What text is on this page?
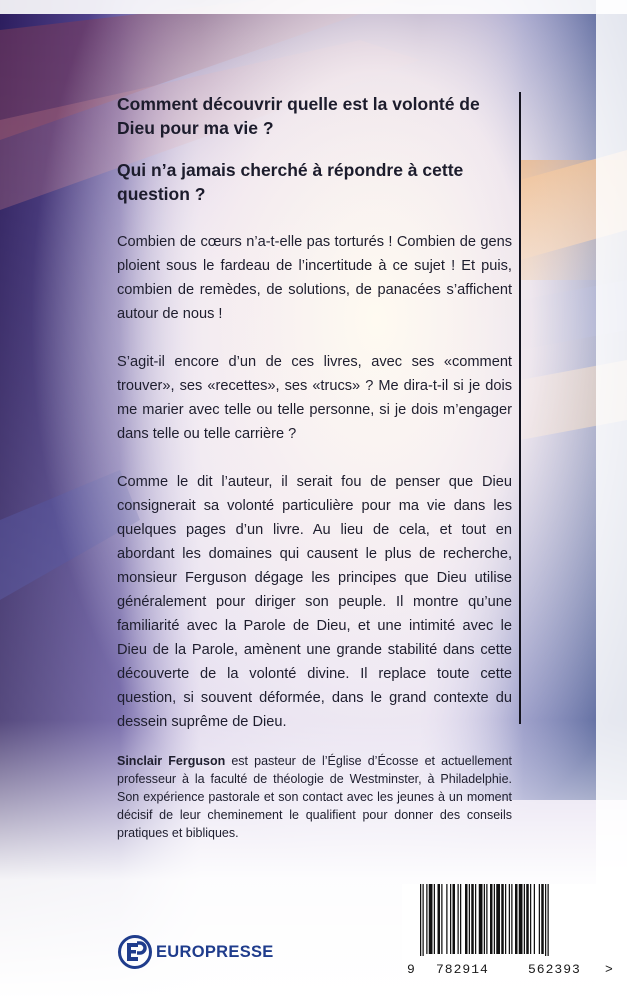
Comment découvrir quelle est la volonté de Dieu pour ma vie ?

Qui n’a jamais cherché à répondre à cette question ?

Combien de cœurs n’a-t-elle pas torturés ! Combien de gens ploient sous le fardeau de l’incertitude à ce sujet ! Et puis, combien de remèdes, de solutions, de panacées s’affichent autour de nous !

S’agit-il encore d’un de ces livres, avec ses «comment trouver», ses «recettes», ses «trucs» ? Me dira-t-il si je dois me marier avec telle ou telle personne, si je dois m’engager dans telle ou telle carrière ?

Comme le dit l’auteur, il serait fou de penser que Dieu consignerait sa volonté particulière pour ma vie dans les quelques pages d’un livre. Au lieu de cela, et tout en abordant les domaines qui causent le plus de recherche, monsieur Ferguson dégage les principes que Dieu utilise généralement pour diriger son peuple. Il montre qu’une familiarité avec la Parole de Dieu, et une intimité avec le Dieu de la Parole, amènent une grande stabilité dans cette découverte de la volonté divine. Il replace toute cette question, si souvent déformée, dans le grand contexte du dessein suprême de Dieu.

Sinclair Ferguson est pasteur de l’Église d’Écosse et actuellement professeur à la faculté de théologie de Westminster, à Philadelphie. Son expérience pastorale et son contact avec les jeunes à un moment décisif de leur cheminement le qualifient pour donner des conseils pratiques et bibliques.

EUROPRESSE
9 782914	562393 >
